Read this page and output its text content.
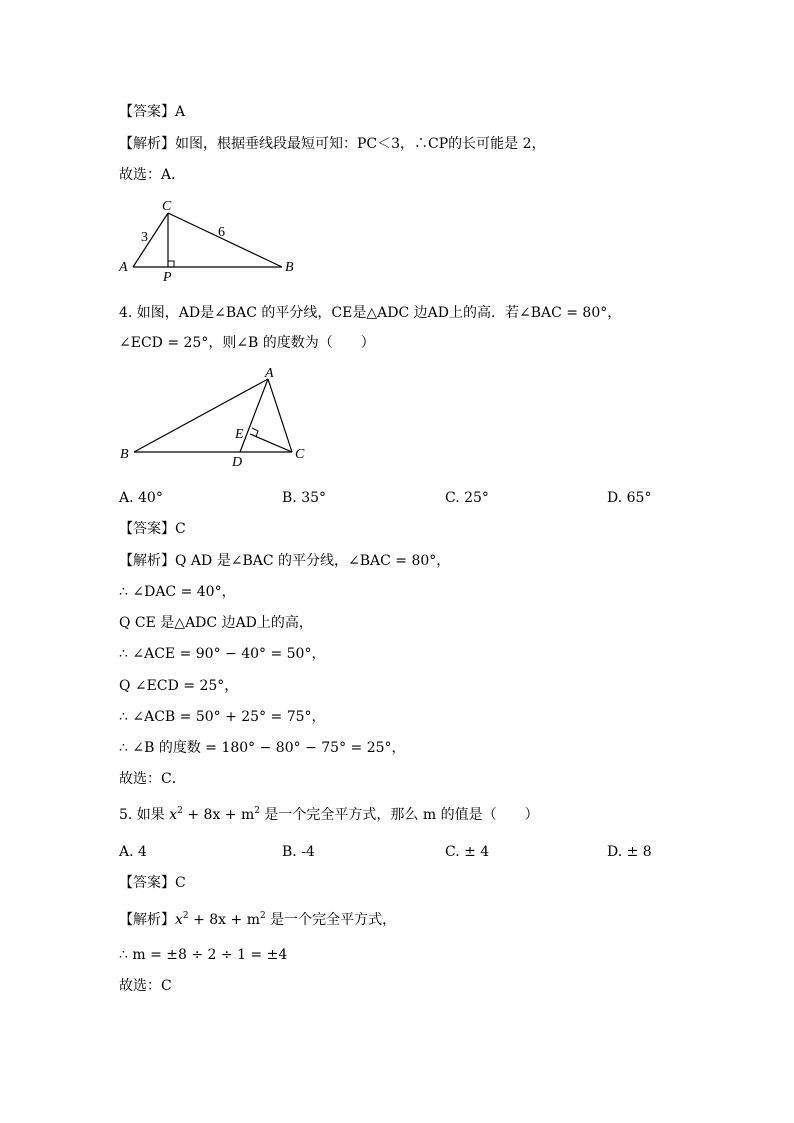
【答案】A
【解析】如图，根据垂线段最短可知：PC＜3，∴CP的长可能是 2，
故选：A．
C
A
P
B
3	6
4. 如图，AD是∠BAC 的平分线，CE是△ADC 边AD上的高．若∠BAC = 80°，
∠ECD = 25°，则∠B 的度数为（　　）
A
B	C
D
E
A. 40°	B. 35°	C. 25°	D. 65°
【答案】C
【解析】Q AD 是∠BAC 的平分线，∠BAC = 80°，
∴ ∠DAC = 40°，
Q CE 是△ADC 边AD上的高，
∴ ∠ACE = 90° − 40° = 50°，
Q ∠ECD = 25°，
∴ ∠ACB = 50° + 25° = 75°，
∴ ∠B 的度数 = 180° − 80° − 75° = 25°，
故选：C．
5. 如果 $x^2 + 8x + m^2$ 是一个完全平方式，那么 m 的值是（　　）
A. 4	B. -4	C. ± 4	D. ± 8
【答案】C
【解析】$x^2 + 8x + m^2$ 是一个完全平方式，
∴ m = ±8 ÷ 2 ÷ 1 = ±4
故选：C
